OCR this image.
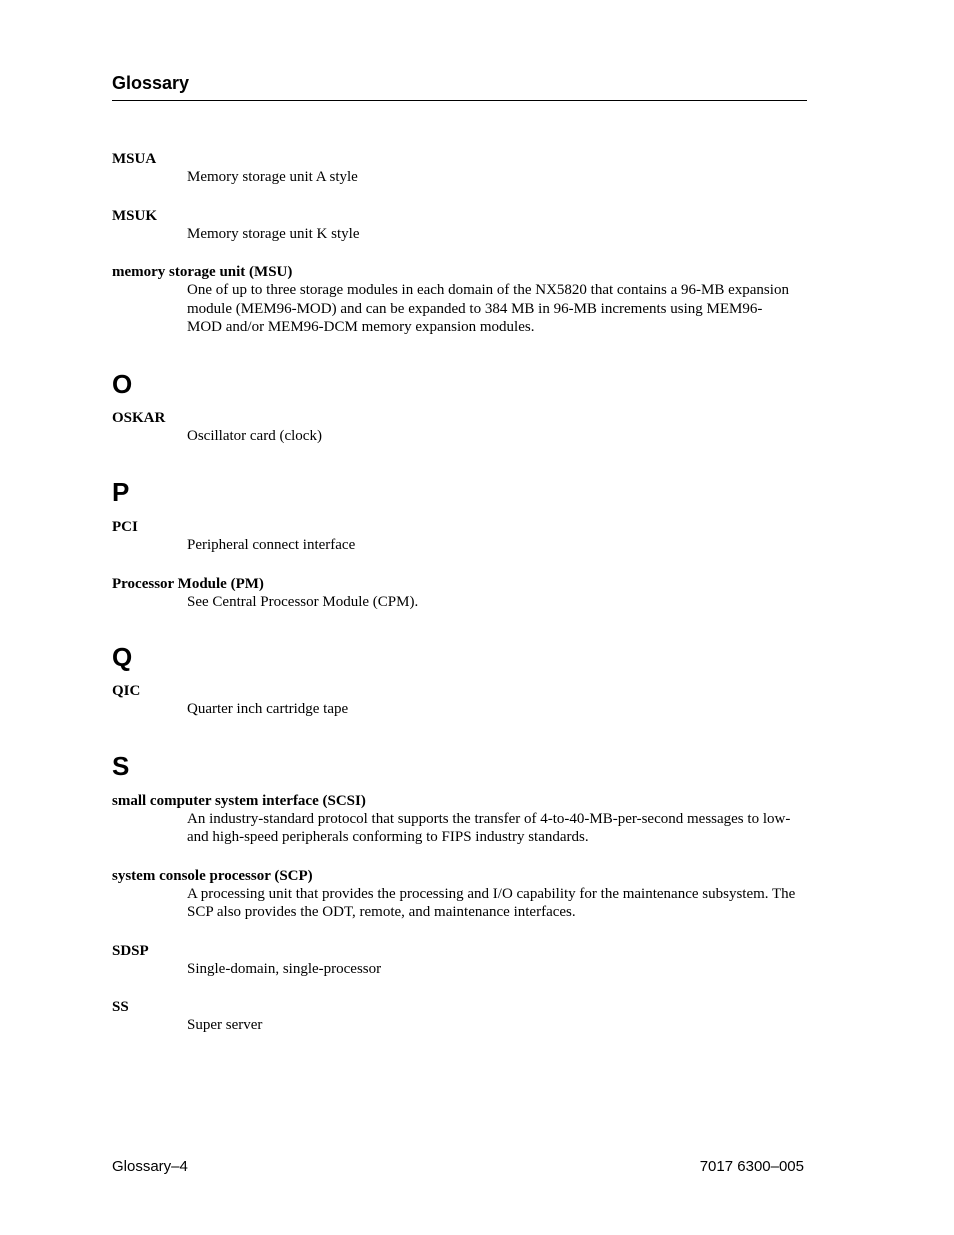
Glossary
MSUA
Memory storage unit A style
MSUK
Memory storage unit K style
memory storage unit (MSU)
One of up to three storage modules in each domain of the NX5820 that contains a 96-MB expansion module (MEM96-MOD) and can be expanded to 384 MB in 96-MB increments using MEM96-MOD and/or MEM96-DCM memory expansion modules.
O
OSKAR
Oscillator card (clock)
P
PCI
Peripheral connect interface
Processor Module (PM)
See Central Processor Module (CPM).
Q
QIC
Quarter inch cartridge tape
S
small computer system interface (SCSI)
An industry-standard protocol that supports the transfer of 4-to-40-MB-per-second messages to low- and high-speed peripherals conforming to FIPS industry standards.
system console processor (SCP)
A processing unit that provides the processing and I/O capability for the maintenance subsystem. The SCP also provides the ODT, remote, and maintenance interfaces.
SDSP
Single-domain, single-processor
SS
Super server
Glossary–4	7017 6300–005
